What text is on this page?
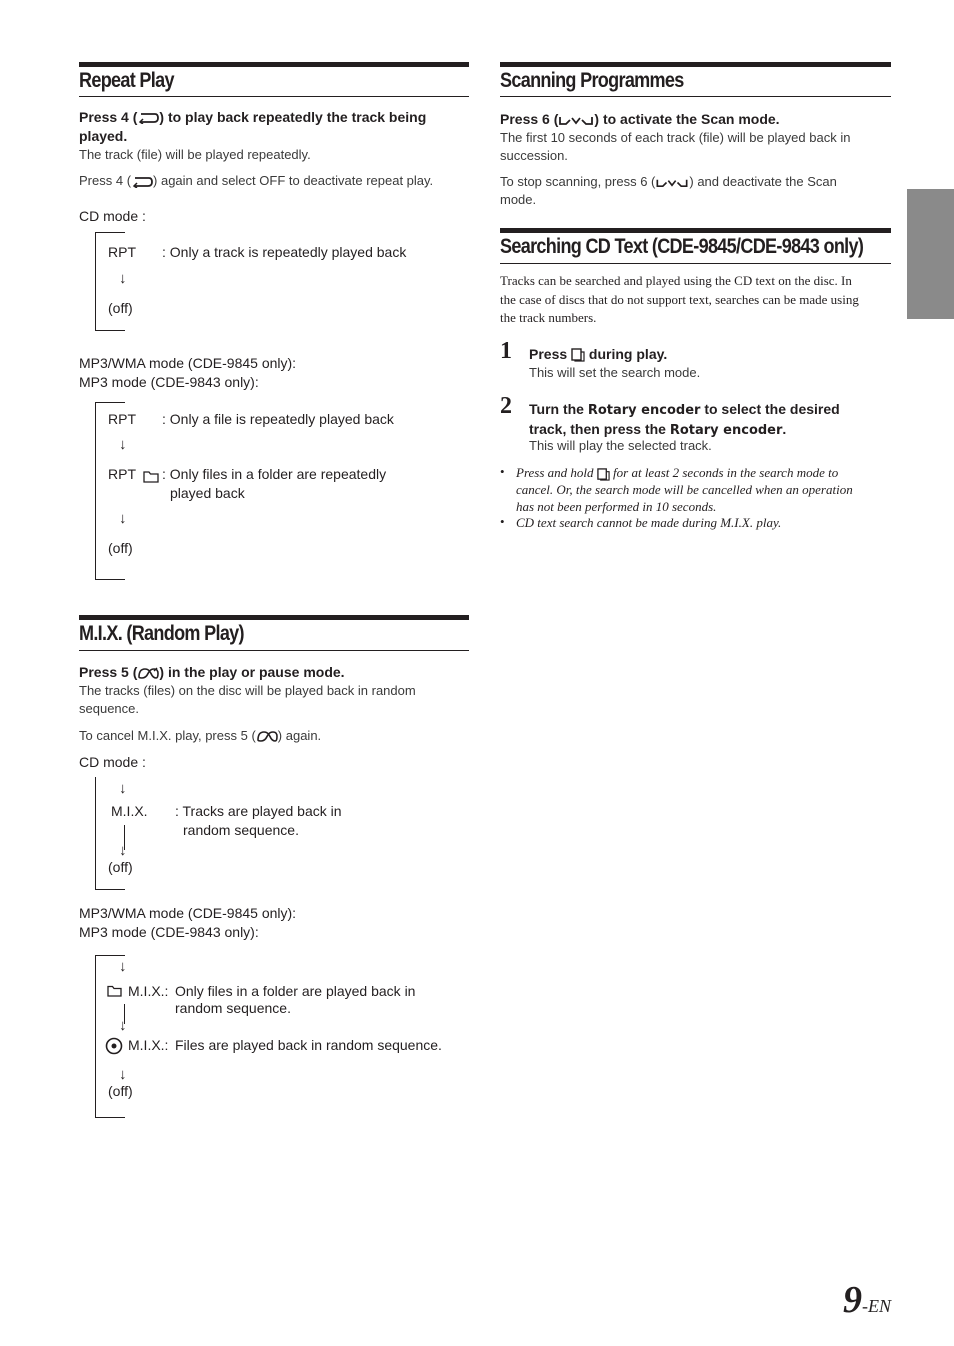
Repeat Play
Press 4 ( ) to play back repeatedly the track being
played.
The track (file) will be played repeatedly.
Press 4 ( ) again and select OFF to deactivate repeat play.
CD mode :
RPT : Only a track is repeatedly played back
↓
(off)
MP3/WMA mode (CDE-9845 only):
MP3 mode (CDE-9843 only):
RPT : Only a file is repeatedly played back
↓
RPT : Only files in a folder are repeatedly
played back
↓
(off)
M.I.X. (Random Play)
Press 5 ( ) in the play or pause mode.
The tracks (files) on the disc will be played back in random
sequence.
To cancel M.I.X. play, press 5 ( ) again.
CD mode :
↓
M.I.X. : Tracks are played back in
random sequence.
↓
(off)
MP3/WMA mode (CDE-9845 only):
MP3 mode (CDE-9843 only):
↓
M.I.X.: Only files in a folder are played back in
random sequence.
↓
M.I.X.: Files are played back in random sequence.
↓
(off)
Scanning Programmes
Press 6 (	) to activate the Scan mode.
The first 10 seconds of each track (file) will be played back in
succession.
To stop scanning, press 6 (	) and deactivate the Scan
mode.
Searching CD Text (CDE-9845/CDE-9843 only)
Tracks can be searched and played using the CD text on the disc. In
the case of discs that do not support text, searches can be made using
the track numbers.
1 Press  during play.
This will set the search mode.
2 Turn the Rotary encoder to select the desired
track, then press the Rotary encoder.
This will play the selected track.
• Press and hold  for at least 2 seconds in the search mode to
cancel. Or, the search mode will be cancelled when an operation
has not been performed in 10 seconds.
• CD text search cannot be made during M.I.X. play.
9-EN
